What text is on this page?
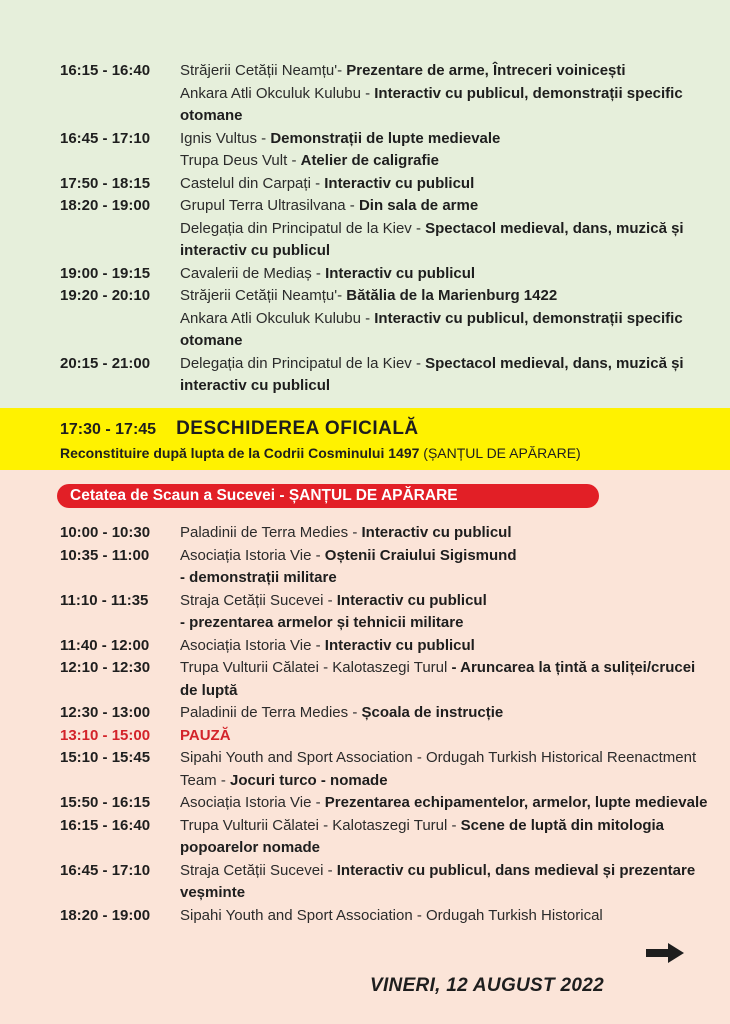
16:15 - 16:40	Străjerii Cetății Neamțu'- Prezentare de arme, Întreceri voinicești
Ankara Atli Okculuk Kulubu - Interactiv cu publicul, demonstrații specific otomane
16:45 - 17:10	Ignis Vultus - Demonstrații de lupte medievale
Trupa Deus Vult - Atelier de caligrafie
17:50 - 18:15	Castelul din Carpați - Interactiv cu publicul
18:20 - 19:00	Grupul Terra Ultrasilvana - Din sala de arme
Delegația din Principatul de la Kiev - Spectacol medieval, dans, muzică și interactiv cu publicul
19:00 - 19:15	Cavalerii de Mediaș - Interactiv cu publicul
19:20 - 20:10	Străjerii Cetății Neamțu'- Bătălia de la Marienburg 1422
Ankara Atli Okculuk Kulubu - Interactiv cu publicul, demonstrații specific otomane
20:15 - 21:00	Delegația din Principatul de la Kiev - Spectacol medieval, dans, muzică și interactiv cu publicul
17:30 - 17:45 DESCHIDEREA OFICIALĂ
Reconstituire după lupta de la Codrii Cosminului 1497 (ȘANȚUL DE APĂRARE)
Cetatea de Scaun a Sucevei - ȘANȚUL DE APĂRARE
10:00 - 10:30	Paladinii de Terra Medies - Interactiv cu publicul
10:35 - 11:00	Asociația Istoria Vie - Oștenii Craiului Sigismund
- demonstrații militare
11:10 - 11:35	Straja Cetății Sucevei - Interactiv cu publicul
- prezentarea armelor și tehnicii militare
11:40 - 12:00	Asociația Istoria Vie - Interactiv cu publicul
12:10 - 12:30	Trupa Vulturii Călatei - Kalotaszegi Turul - Aruncarea la țintă a suliței/crucei de luptă
12:30 - 13:00	Paladinii de Terra Medies - Școala de instrucție
13:10 - 15:00	PAUZĂ
15:10 - 15:45	Sipahi Youth and Sport Association - Ordugah Turkish Historical Reenactment Team - Jocuri turco - nomade
15:50 - 16:15	Asociația Istoria Vie - Prezentarea echipamentelor, armelor, lupte medievale
16:15 - 16:40	Trupa Vulturii Călatei - Kalotaszegi Turul - Scene de luptă din mitologia popoarelor nomade
16:45 - 17:10	Straja Cetății Sucevei - Interactiv cu publicul, dans medieval și prezentare veșminte
18:20 - 19:00	Sipahi Youth and Sport Association - Ordugah Turkish Historical
VINERI, 12 AUGUST 2022
